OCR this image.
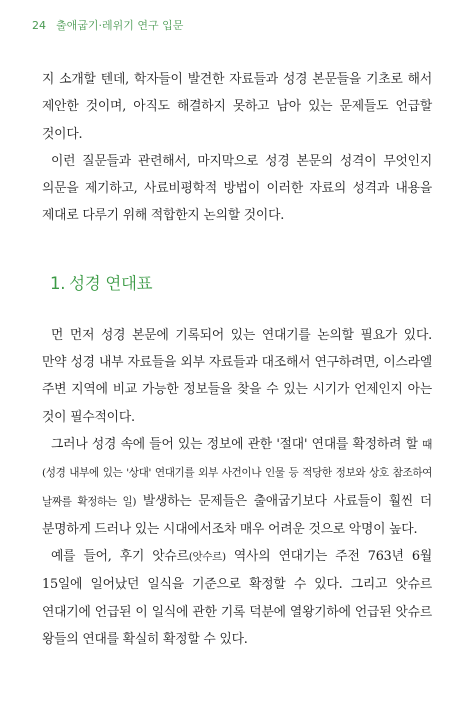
24 출애굽기·레위기 연구 입문

지 소개할 텐데, 학자들이 발견한 자료들과 성경 본문들을 기초로 해서 제안한 것이며, 아직도 해결하지 못하고 남아 있는 문제들도 언급할 것이다.

이런 질문들과 관련해서, 마지막으로 성경 본문의 성격이 무엇인지 의문을 제기하고, 사료비평학적 방법이 이러한 자료의 성격과 내용을 제대로 다루기 위해 적합한지 논의할 것이다.

1. 성경 연대표

먼 먼저 성경 본문에 기록되어 있는 연대기를 논의할 필요가 있다. 만약 성경 내부 자료들을 외부 자료들과 대조해서 연구하려면, 이스라엘 주변 지역에 비교 가능한 정보들을 찾을 수 있는 시기가 언제인지 아는 것이 필수적이다.

그러나 성경 속에 들어 있는 정보에 관한 '절대' 연대를 확정하려 할 때(성경 내부에 있는 '상대' 연대기를 외부 사건이나 인물 등 적당한 정보와 상호 참조하여 날짜를 확정하는 일) 발생하는 문제들은 출애굽기보다 사료들이 훨씬 더 분명하게 드러나 있는 시대에서조차 매우 어려운 것으로 악명이 높다.

예를 들어, 후기 앗슈르(앗수르) 역사의 연대기는 주전 763년 6월 15일에 일어났던 일식을 기준으로 확정할 수 있다. 그리고 앗슈르 연대기에 언급된 이 일식에 관한 기록 덕분에 열왕기하에 언급된 앗슈르 왕들의 연대를 확실히 확정할 수 있다.
